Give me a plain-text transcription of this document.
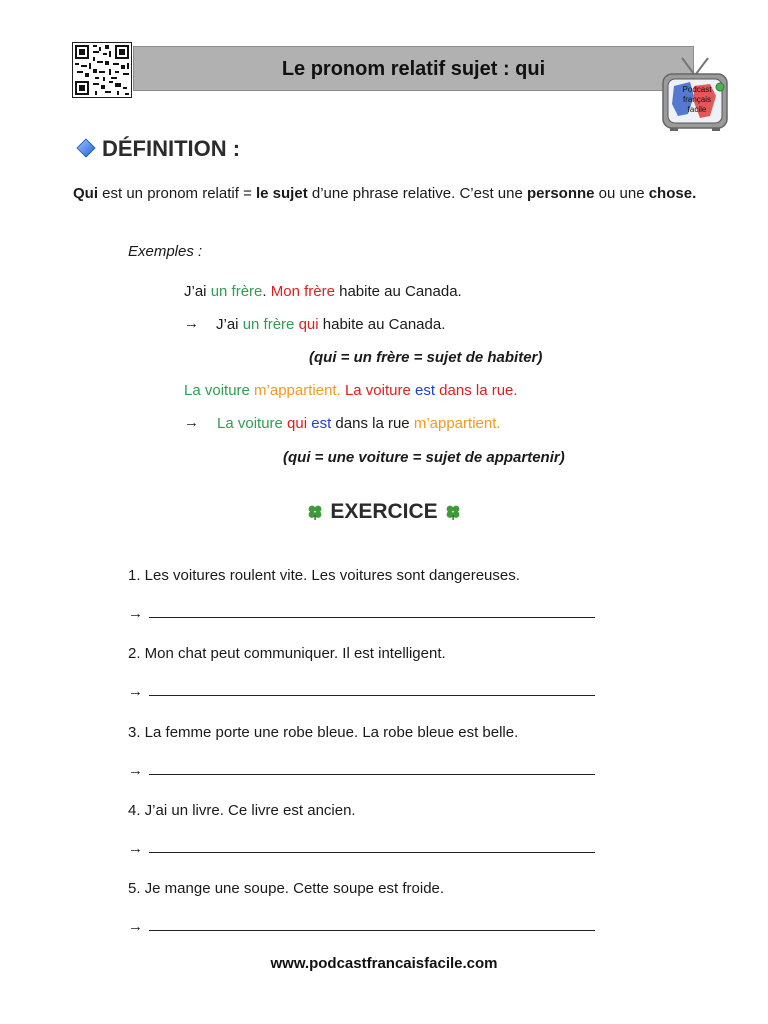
Le pronom relatif sujet : qui
Podcast
français
facile
DÉFINITION :
Qui est un pronom relatif = le sujet d’une phrase relative. C’est une personne ou une chose.
Exemples :
J’ai un frère. Mon frère habite au Canada.
→ J’ai un frère qui habite au Canada.
(qui = un frère = sujet de habiter)
La voiture m’appartient. La voiture est dans la rue.
→ La voiture qui est dans la rue m’appartient.
(qui = une voiture = sujet de appartenir)
EXERCICE
1. Les voitures roulent vite. Les voitures sont dangereuses.
→
2. Mon chat peut communiquer. Il est intelligent.
→
3. La femme porte une robe bleue. La robe bleue est belle.
→
4. J’ai un livre. Ce livre est ancien.
→
5. Je mange une soupe. Cette soupe est froide.
→
www.podcastfrancaisfacile.com
